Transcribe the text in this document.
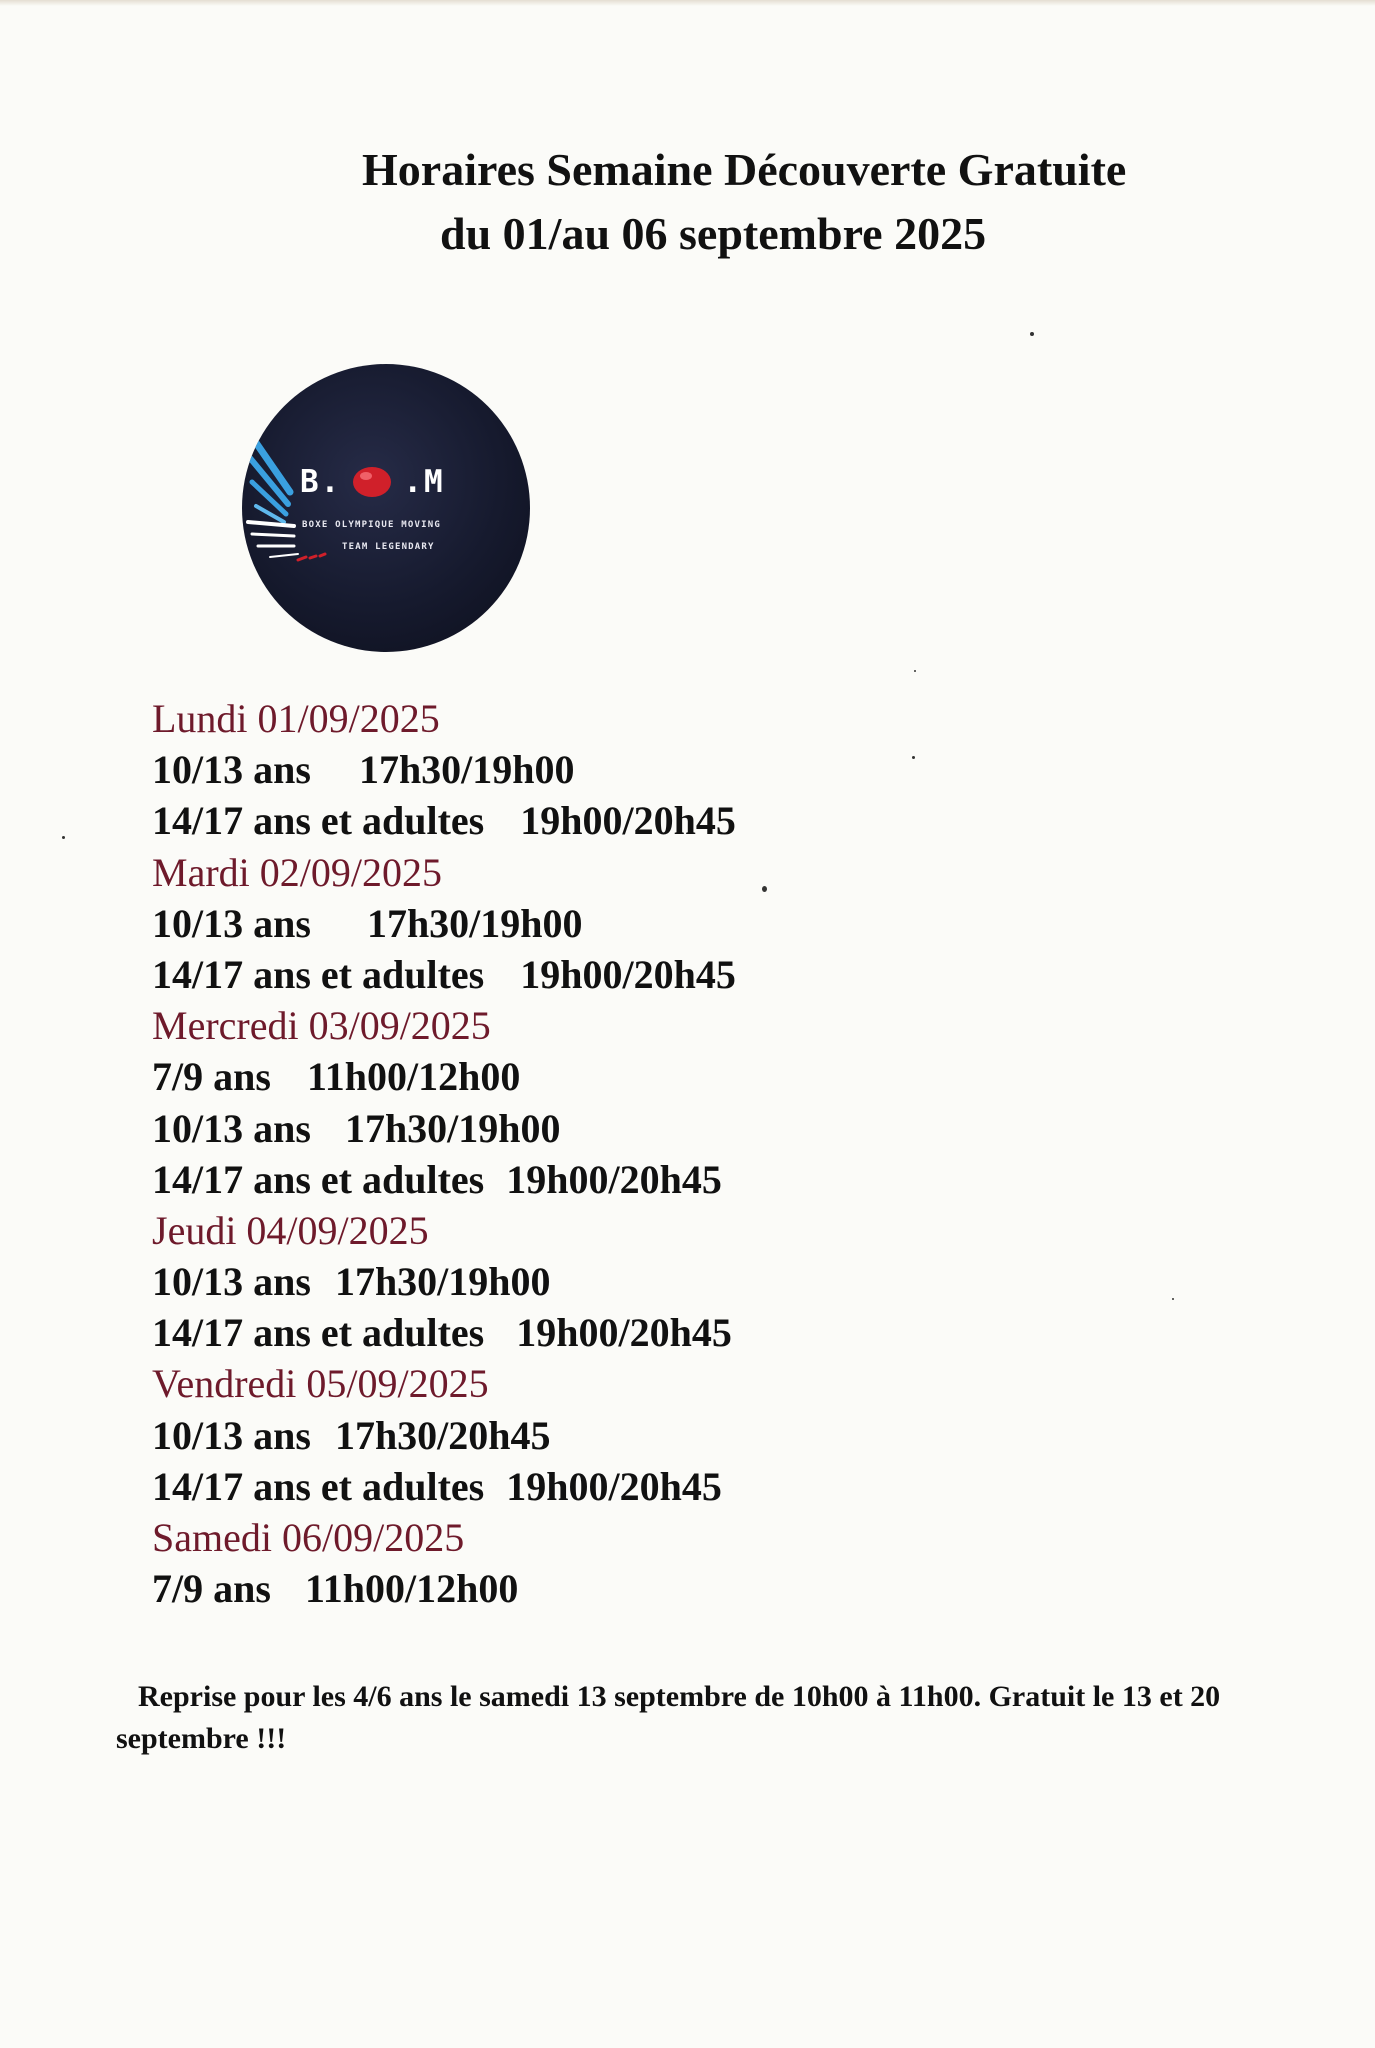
Horaires Semaine Découverte Gratuite
du 01/au 06 septembre 2025
B.   .M
BOXE OLYMPIQUE MOVING
TEAM LEGENDARY
Lundi 01/09/2025
10/13 ans 17h30/19h00
14/17 ans et adultes 19h00/20h45
Mardi 02/09/2025
10/13 ans 17h30/19h00
14/17 ans et adultes 19h00/20h45
Mercredi 03/09/2025
7/9 ans 11h00/12h00
10/13 ans 17h30/19h00
14/17 ans et adultes 19h00/20h45
Jeudi 04/09/2025
10/13 ans 17h30/19h00
14/17 ans et adultes 19h00/20h45
Vendredi 05/09/2025
10/13 ans 17h30/20h45
14/17 ans et adultes 19h00/20h45
Samedi 06/09/2025
7/9 ans 11h00/12h00
Reprise pour les 4/6 ans le samedi 13 septembre de 10h00 à 11h00. Gratuit le 13 et 20 septembre !!!
